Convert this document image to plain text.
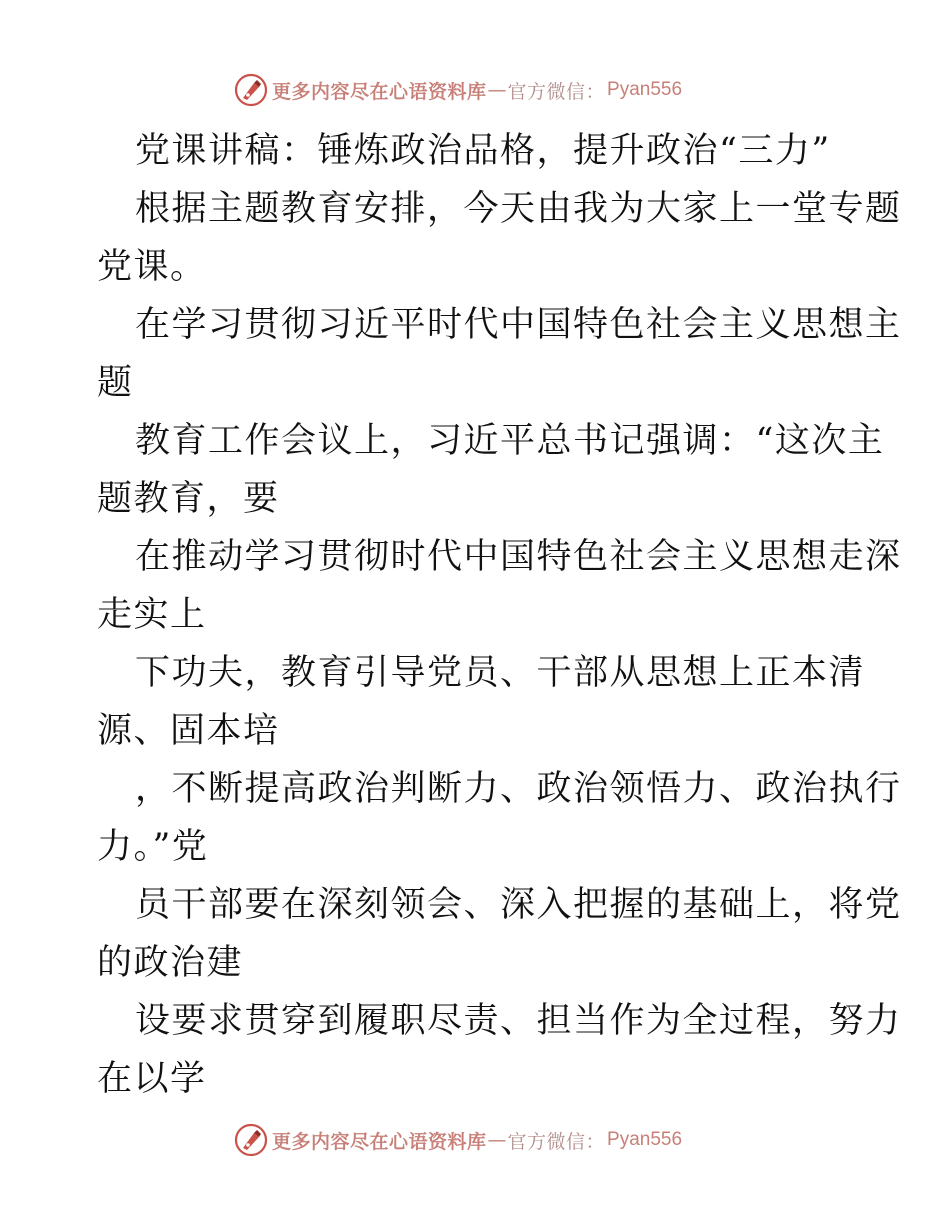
更多内容尽在心语资料库 — 官方微信： Pyan556
党课讲稿：锤炼政治品格，提升政治“三力”
根据主题教育安排，今天由我为大家上一堂专题
党课。
在学习贯彻习近平时代中国特色社会主义思想主
题
教育工作会议上，习近平总书记强调：“这次主
题教育，要
在推动学习贯彻时代中国特色社会主义思想走深
走实上
下功夫，教育引导党员、干部从思想上正本清
源、固本培
，不断提高政治判断力、政治领悟力、政治执行
力。”党
员干部要在深刻领会、深入把握的基础上，将党
的政治建
设要求贯穿到履职尽责、担当作为全过程，努力
在以学
更多内容尽在心语资料库 — 官方微信： Pyan556
